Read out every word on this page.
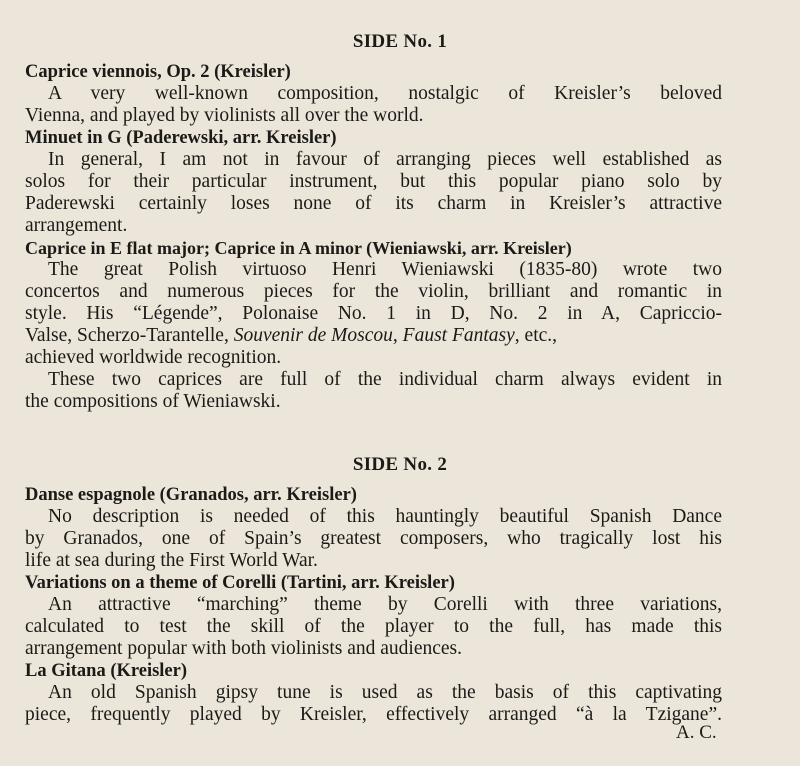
SIDE No. 1
Caprice viennois, Op. 2 (Kreisler)
A very well-known composition, nostalgic of Kreisler’s beloved
Vienna, and played by violinists all over the world.
Minuet in G (Paderewski, arr. Kreisler)
In general, I am not in favour of arranging pieces well established as
solos for their particular instrument, but this popular piano solo by
Paderewski certainly loses none of its charm in Kreisler’s attractive
arrangement.
Caprice in E flat major; Caprice in A minor (Wieniawski, arr. Kreisler)
The great Polish virtuoso Henri Wieniawski (1835-80) wrote two
concertos and numerous pieces for the violin, brilliant and romantic in
style. His “Légende”, Polonaise No. 1 in D, No. 2 in A, Capriccio-
Valse, Scherzo-Tarantelle, Souvenir de Moscou, Faust Fantasy, etc.,
achieved worldwide recognition.
These two caprices are full of the individual charm always evident in
the compositions of Wieniawski.
SIDE No. 2
Danse espagnole (Granados, arr. Kreisler)
No description is needed of this hauntingly beautiful Spanish Dance
by Granados, one of Spain’s greatest composers, who tragically lost his
life at sea during the First World War.
Variations on a theme of Corelli (Tartini, arr. Kreisler)
An attractive “marching” theme by Corelli with three variations,
calculated to test the skill of the player to the full, has made this
arrangement popular with both violinists and audiences.
La Gitana (Kreisler)
An old Spanish gipsy tune is used as the basis of this captivating
piece, frequently played by Kreisler, effectively arranged “à la Tzigane”.
A. C.
